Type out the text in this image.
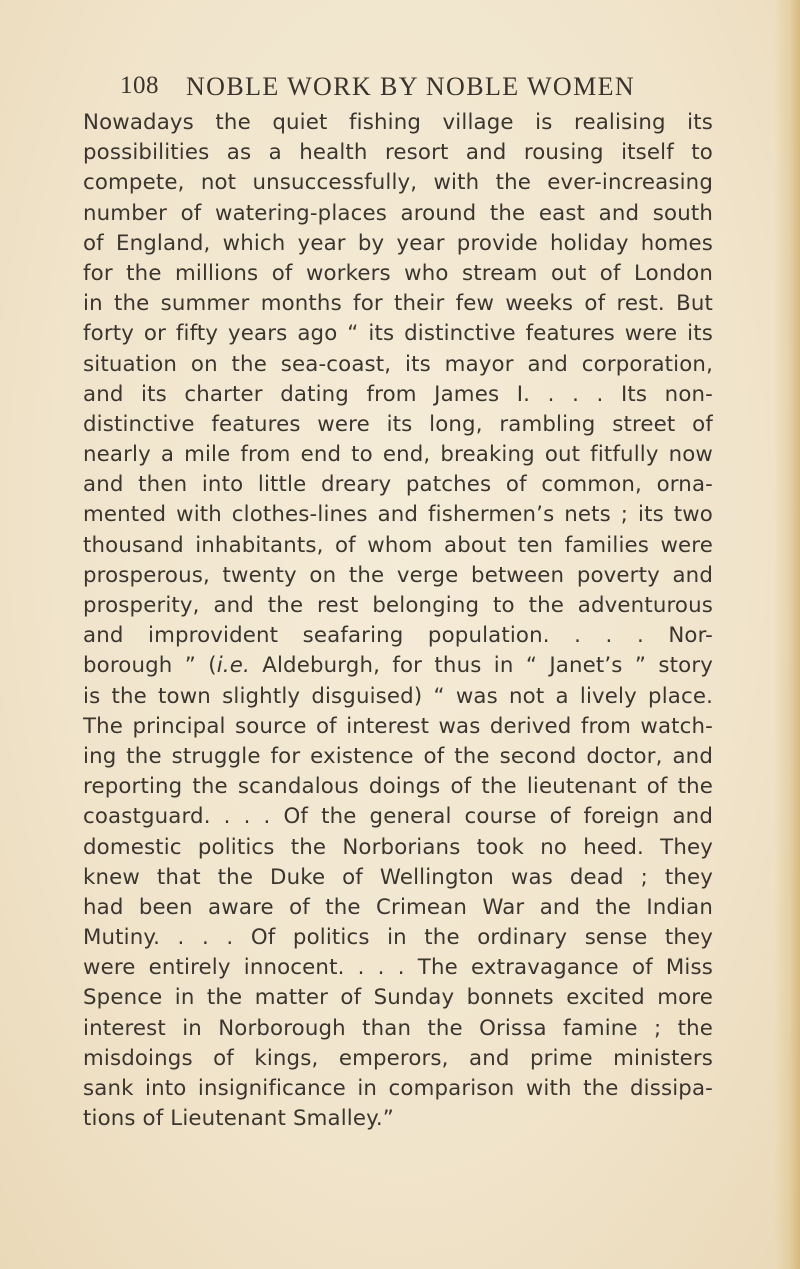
108 NOBLE WORK BY NOBLE WOMEN
Nowadays the quiet fishing village is realising its
possibilities as a health resort and rousing itself to
compete, not unsuccessfully, with the ever-increasing
number of watering-places around the east and south
of England, which year by year provide holiday homes
for the millions of workers who stream out of London
in the summer months for their few weeks of rest. But
forty or fifty years ago “ its distinctive features were its
situation on the sea-coast, its mayor and corporation,
and its charter dating from James I. . . . Its non-
distinctive features were its long, rambling street of
nearly a mile from end to end, breaking out fitfully now
and then into little dreary patches of common, orna-
mented with clothes-lines and fishermen’s nets ; its two
thousand inhabitants, of whom about ten families were
prosperous, twenty on the verge between poverty and
prosperity, and the rest belonging to the adventurous
and improvident seafaring population. . . . Nor-
borough ” (i.e. Aldeburgh, for thus in “ Janet’s ” story
is the town slightly disguised) “ was not a lively place.
The principal source of interest was derived from watch-
ing the struggle for existence of the second doctor, and
reporting the scandalous doings of the lieutenant of the
coastguard. . . . Of the general course of foreign and
domestic politics the Norborians took no heed. They
knew that the Duke of Wellington was dead ; they
had been aware of the Crimean War and the Indian
Mutiny. . . . Of politics in the ordinary sense they
were entirely innocent. . . . The extravagance of Miss
Spence in the matter of Sunday bonnets excited more
interest in Norborough than the Orissa famine ; the
misdoings of kings, emperors, and prime ministers
sank into insignificance in comparison with the dissipa-
tions of Lieutenant Smalley.”
